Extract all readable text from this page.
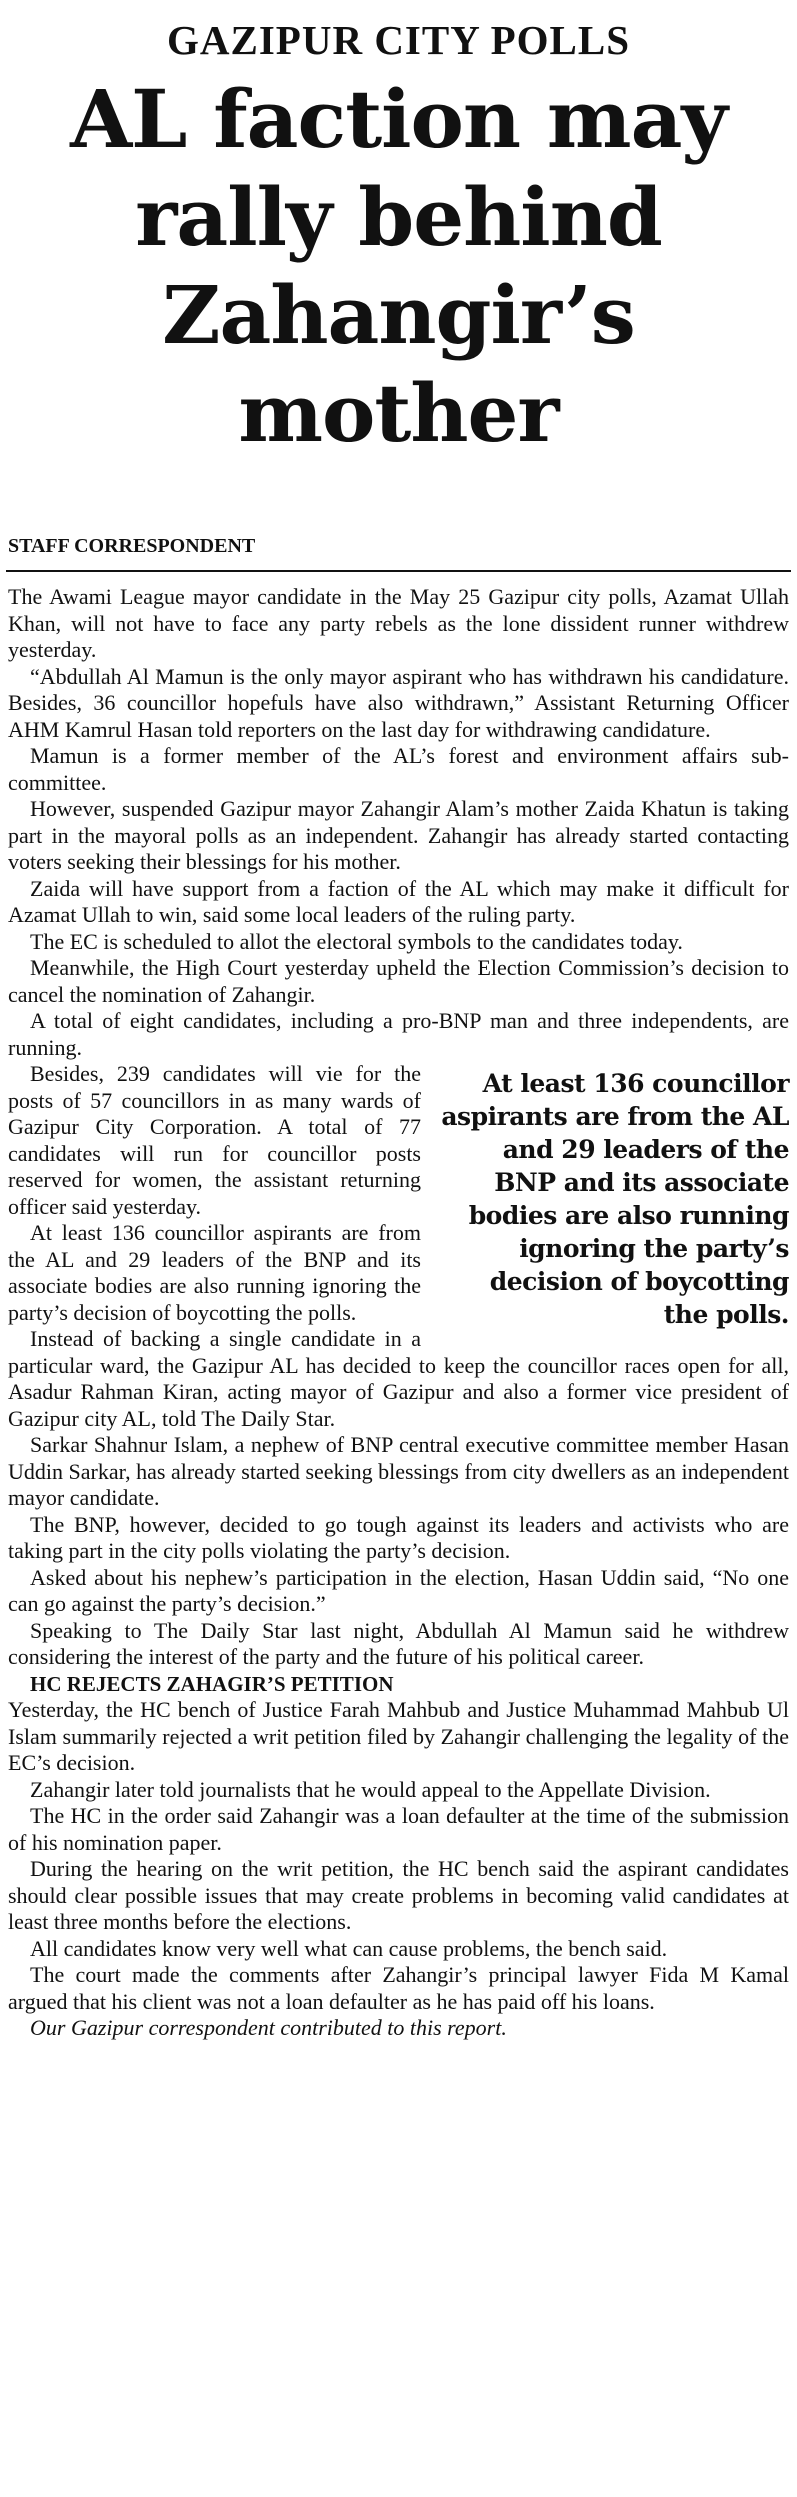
GAZIPUR CITY POLLS
AL faction may
rally behind
Zahangir’s
mother
STAFF CORRESPONDENT

The Awami League mayor candidate in the May 25 Gazipur city polls, Azamat Ullah Khan, will not have to face any party rebels as the lone dissident runner withdrew yesterday.

“Abdullah Al Mamun is the only mayor aspirant who has withdrawn his candidature. Besides, 36 councillor hopefuls have also withdrawn,” Assistant Returning Officer AHM Kamrul Hasan told reporters on the last day for withdrawing candidature.

Mamun is a former member of the AL’s forest and environment affairs sub-committee.

However, suspended Gazipur mayor Zahangir Alam’s mother Zaida Khatun is taking part in the mayoral polls as an independent. Zahangir has already started contacting voters seeking their blessings for his mother.

Zaida will have support from a faction of the AL which may make it difficult for Azamat Ullah to win, said some local leaders of the ruling party.

The EC is scheduled to allot the electoral symbols to the candidates today.

Meanwhile, the High Court yesterday upheld the Election Commission’s decision to cancel the nomination of Zahangir.

A total of eight candidates, including a pro-BNP man and three independents, are running.

At least 136 councillor aspirants are from the AL and 29 leaders of the BNP and its associate bodies are also running ignoring the party’s decision of boycotting the polls.

Besides, 239 candidates will vie for the posts of 57 councillors in as many wards of Gazipur City Corporation. A total of 77 candidates will run for councillor posts reserved for women, the assistant returning officer said yesterday.

At least 136 councillor aspirants are from the AL and 29 leaders of the BNP and its associate bodies are also running ignoring the party’s decision of boycotting the polls.

Instead of backing a single candidate in a particular ward, the Gazipur AL has decided to keep the councillor races open for all, Asadur Rahman Kiran, acting mayor of Gazipur and also a former vice president of Gazipur city AL, told The Daily Star.

Sarkar Shahnur Islam, a nephew of BNP central executive committee member Hasan Uddin Sarkar, has already started seeking blessings from city dwellers as an independent mayor candidate.

The BNP, however, decided to go tough against its leaders and activists who are taking part in the city polls violating the party’s decision.

Asked about his nephew’s participation in the election, Hasan Uddin said, “No one can go against the party’s decision.”

Speaking to The Daily Star last night, Abdullah Al Mamun said he withdrew considering the interest of the party and the future of his political career.

HC REJECTS ZAHAGIR’S PETITION

Yesterday, the HC bench of Justice Farah Mahbub and Justice Muhammad Mahbub Ul Islam summarily rejected a writ petition filed by Zahangir challenging the legality of the EC’s decision.

Zahangir later told journalists that he would appeal to the Appellate Division.

The HC in the order said Zahangir was a loan defaulter at the time of the submission of his nomination paper.

During the hearing on the writ petition, the HC bench said the aspirant candidates should clear possible issues that may create problems in becoming valid candidates at least three months before the elections.

All candidates know very well what can cause problems, the bench said.

The court made the comments after Zahangir’s principal lawyer Fida M Kamal argued that his client was not a loan defaulter as he has paid off his loans.

Our Gazipur correspondent contributed to this report.
